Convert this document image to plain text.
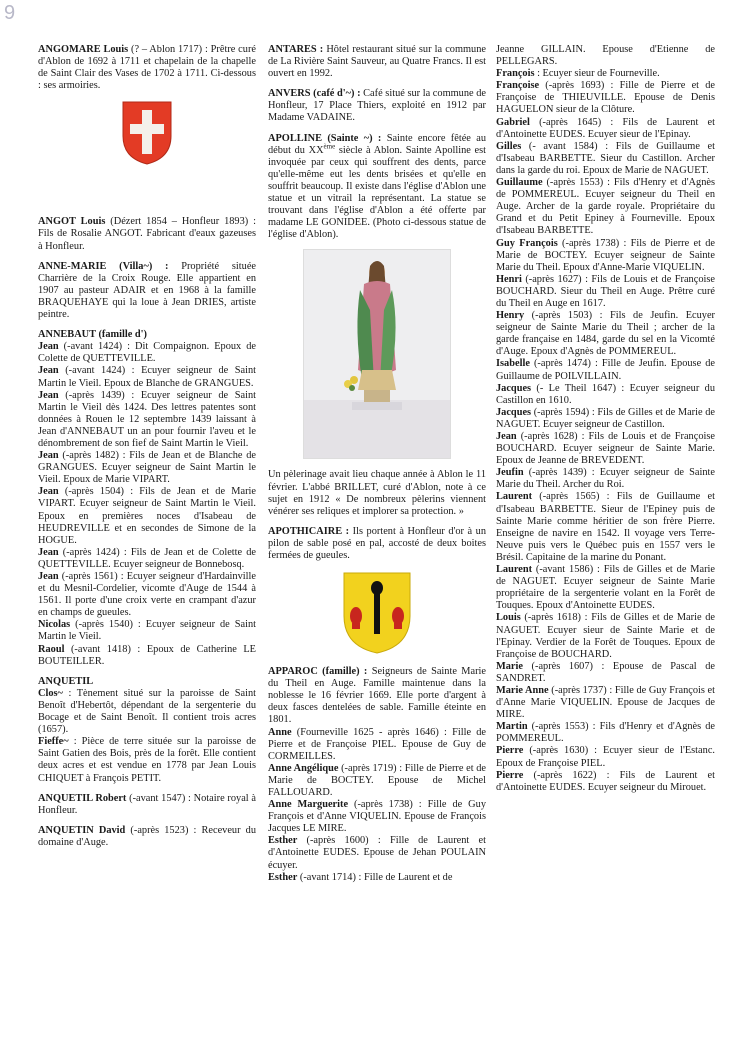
9
ANGOMARE Louis (? – Ablon 1717) : Prêtre curé d'Ablon de 1692 à 1711 et chapelain de la chapelle de Saint Clair des Vases de 1702 à 1711. Ci-dessous : ses armoiries.
ANGOT Louis (Dézert 1854 – Honfleur 1893) : Fils de Rosalie ANGOT. Fabricant d'eaux gazeuses à Honfleur.
ANNE-MARIE (Villa~) : Propriété située Charrière de la Croix Rouge. Elle appartient en 1907 au pasteur ADAIR et en 1968 à la famille BRAQUEHAYE qui la loue à Jean DRIES, artiste peintre.
ANNEBAUT (famille d')
Jean (-avant 1424) : Dit Compaignon. Epoux de Colette de QUETTEVILLE.
Jean (-avant 1424) : Ecuyer seigneur de Saint Martin le Vieil. Epoux de Blanche de GRANGUES.
Jean (-après 1439) : Ecuyer seigneur de Saint Martin le Vieil dès 1424. Des lettres patentes sont données à Rouen le 12 septembre 1439 laissant à Jean d'ANNEBAUT un an pour fournir l'aveu et le dénombrement de son fief de Saint Martin le Vieil.
Jean (-après 1482) : Fils de Jean et de Blanche de GRANGUES. Ecuyer seigneur de Saint Martin le Vieil. Epoux de Marie VIPART.
Jean (-après 1504) : Fils de Jean et de Marie VIPART. Ecuyer seigneur de Saint Martin le Vieil. Epoux en premières noces d'Isabeau de HEUDREVILLE et en secondes de Simone de la HOGUE.
Jean (-après 1424) : Fils de Jean et de Colette de QUETTEVILLE. Ecuyer seigneur de Bonnebosq.
Jean (-après 1561) : Ecuyer seigneur d'Hardainville et du Mesnil-Cordelier, vicomte d'Auge de 1544 à 1561. Il porte d'une croix verte en crampant d'azur en champs de gueules.
Nicolas (-après 1540) : Ecuyer seigneur de Saint Martin le Vieil.
Raoul (-avant 1418) : Epoux de Catherine LE BOUTEILLER.
ANQUETIL
Clos~ : Tènement situé sur la paroisse de Saint Benoît d'Hebertôt, dépendant de la sergenterie du Bocage et de Saint Benoît. Il contient trois acres (1657).
Fieffe~ : Pièce de terre située sur la paroisse de Saint Gatien des Bois, près de la forêt. Elle contient deux acres et est vendue en 1778 par Jean Louis CHIQUET à François PETIT.
ANQUETIL Robert (-avant 1547) : Notaire royal à Honfleur.
ANQUETIN David (-après 1523) : Receveur du domaine d'Auge.
ANTARES : Hôtel restaurant situé sur la commune de La Rivière Saint Sauveur, au Quatre Francs. Il est ouvert en 1992.
ANVERS (café d'~) : Café situé sur la commune de Honfleur, 17 Place Thiers, exploité en 1912 par Madame VADAINE.
APOLLINE (Sainte ~) : Sainte encore fêtée au début du XXème siècle à Ablon. Sainte Apolline est invoquée par ceux qui souffrent des dents, parce qu'elle-même eut les dents brisées et qu'elle en souffrit beaucoup. Il existe dans l'église d'Ablon une statue et un vitrail la représentant. La statue se trouvant dans l'église d'Ablon a été offerte par madame LE GONIDEE. (Photo ci-dessous statue de l'église d'Ablon).
Un pèlerinage avait lieu chaque année à Ablon le 11 février. L'abbé BRILLET, curé d'Ablon, note à ce sujet en 1912 « De nombreux pèlerins viennent vénérer ses reliques et implorer sa protection. »
APOTHICAIRE : Ils portent à Honfleur d'or à un pilon de sable posé en pal, accosté de deux boites fermées de gueules.
APPAROC (famille) : Seigneurs de Sainte Marie du Theil en Auge. Famille maintenue dans la noblesse le 16 février 1669. Elle porte d'argent à deux fasces dentelées de sable. Famille éteinte en 1801.
Anne (Fourneville 1625 - après 1646) : Fille de Pierre et de Françoise PIEL. Epouse de Guy de CORMEILLES.
Anne Angélique (-après 1719) : Fille de Pierre et de Marie de BOCTEY. Epouse de Michel FALLOUARD.
Anne Marguerite (-après 1738) : Fille de Guy François et d'Anne VIQUELIN. Epouse de François Jacques LE MIRE.
Esther (-après 1600) : Fille de Laurent et d'Antoinette EUDES. Epouse de Jehan POULAIN écuyer.
Esther (-avant 1714) : Fille de Laurent et de
Jeanne GILLAIN. Epouse d'Etienne de PELLEGARS.
François : Ecuyer sieur de Fourneville.
Françoise (-après 1693) : Fille de Pierre et de Françoise de THIEUVILLE. Epouse de Denis HAGUELON sieur de la Clôture.
Gabriel (-après 1645) : Fils de Laurent et d'Antoinette EUDES. Ecuyer sieur de l'Epinay.
Gilles (- avant 1584) : Fils de Guillaume et d'Isabeau BARBETTE. Sieur du Castillon. Archer dans la garde du roi. Epoux de Marie de NAGUET.
Guillaume (-après 1553) : Fils d'Henry et d'Agnès de POMMEREUL. Ecuyer seigneur du Theil en Auge. Archer de la garde royale. Propriétaire du Grand et du Petit Epiney à Fourneville. Epoux d'Isabeau BARBETTE.
Guy François (-après 1738) : Fils de Pierre et de Marie de BOCTEY. Ecuyer seigneur de Sainte Marie du Theil. Epoux d'Anne-Marie VIQUELIN.
Henri (-après 1627) : Fils de Louis et de Françoise BOUCHARD. Sieur du Theil en Auge. Prêtre curé du Theil en Auge en 1617.
Henry (-après 1503) : Fils de Jeufin. Ecuyer seigneur de Sainte Marie du Theil ; archer de la garde française en 1484, garde du sel en la Vicomté d'Auge. Epoux d'Agnès de POMMEREUL.
Isabelle (-après 1474) : Fille de Jeufin. Epouse de Guillaume de POILVILLAIN.
Jacques (- Le Theil 1647) : Ecuyer seigneur du Castillon en 1610.
Jacques (-après 1594) : Fils de Gilles et de Marie de NAGUET. Ecuyer seigneur de Castillon.
Jean (-après 1628) : Fils de Louis et de Françoise BOUCHARD. Ecuyer seigneur de Sainte Marie. Epoux de Jeanne de BREVEDENT.
Jeufin (-après 1439) : Ecuyer seigneur de Sainte Marie du Theil. Archer du Roi.
Laurent (-après 1565) : Fils de Guillaume et d'Isabeau BARBETTE. Sieur de l'Epiney puis de Sainte Marie comme héritier de son frère Pierre. Enseigne de navire en 1542. Il voyage vers Terre-Neuve puis vers le Québec puis en 1557 vers le Brésil. Capitaine de la marine du Ponant.
Laurent (-avant 1586) : Fils de Gilles et de Marie de NAGUET. Ecuyer seigneur de Sainte Marie propriétaire de la sergenterie volant en la Forêt de Touques. Epoux d'Antoinette EUDES.
Louis (-après 1618) : Fils de Gilles et de Marie de NAGUET. Ecuyer sieur de Sainte Marie et de l'Epinay. Verdier de la Forêt de Touques. Epoux de Françoise de BOUCHARD.
Marie (-après 1607) : Epouse de Pascal de SANDRET.
Marie Anne (-après 1737) : Fille de Guy François et d'Anne Marie VIQUELIN. Epouse de Jacques de MIRE.
Martin (-après 1553) : Fils d'Henry et d'Agnès de POMMEREUL.
Pierre (-après 1630) : Ecuyer sieur de l'Estanc. Epoux de Françoise PIEL.
Pierre (-après 1622) : Fils de Laurent et d'Antoinette EUDES. Ecuyer seigneur du Mirouet.
